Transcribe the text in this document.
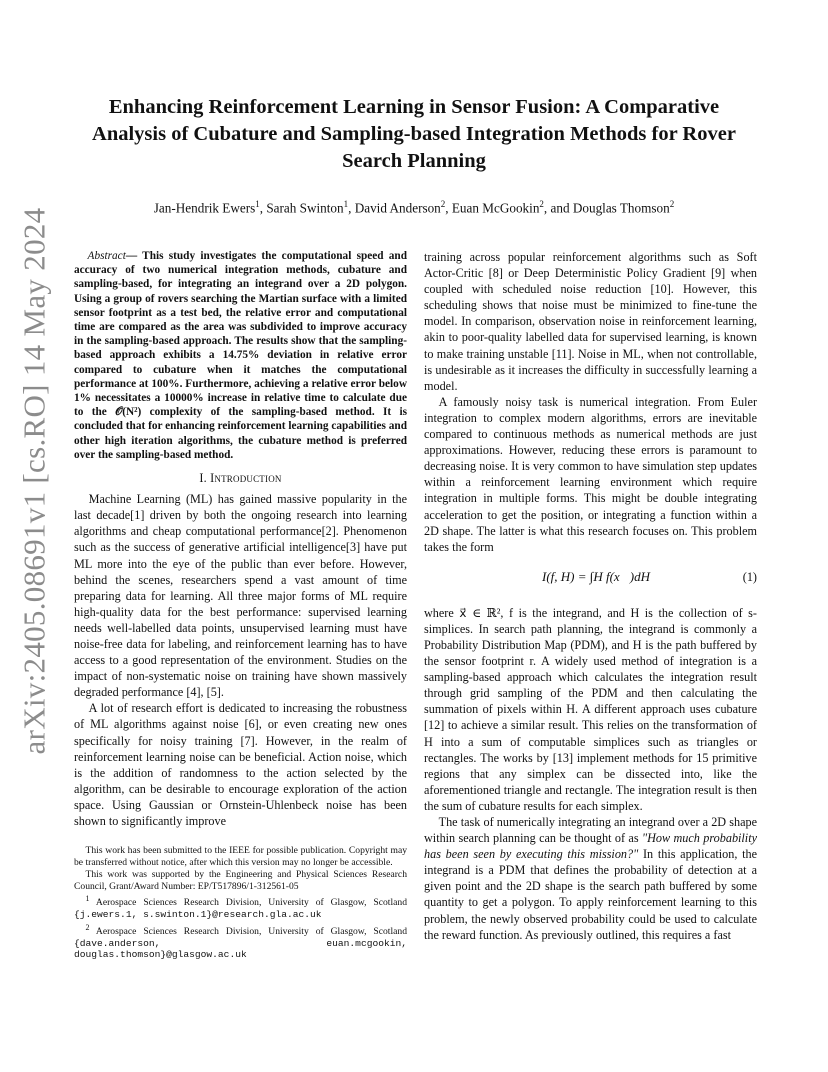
arXiv:2405.08691v1 [cs.RO] 14 May 2024
Enhancing Reinforcement Learning in Sensor Fusion: A Comparative Analysis of Cubature and Sampling-based Integration Methods for Rover Search Planning
Jan-Hendrik Ewers$^1$, Sarah Swinton$^1$, David Anderson$^2$, Euan McGookin$^2$, and Douglas Thomson$^2$

Abstract— This study investigates the computational speed and accuracy of two numerical integration methods, cubature and sampling-based, for integrating an integrand over a 2D polygon. Using a group of rovers searching the Martian surface with a limited sensor footprint as a test bed, the relative error and computational time are compared as the area was subdivided to improve accuracy in the sampling-based approach. The results show that the sampling-based approach exhibits a 14.75% deviation in relative error compared to cubature when it matches the computational performance at 100%. Furthermore, achieving a relative error below 1% necessitates a 10000% increase in relative time to calculate due to the 𝒪(N²) complexity of the sampling-based method. It is concluded that for enhancing reinforcement learning capabilities and other high iteration algorithms, the cubature method is preferred over the sampling-based method.

I. Introduction

Machine Learning (ML) has gained massive popularity in the last decade[1] driven by both the ongoing research into learning algorithms and cheap computational performance[2]. Phenomenon such as the success of generative artificial intelligence[3] have put ML more into the eye of the public than ever before. However, behind the scenes, researchers spend a vast amount of time preparing data for learning. All three major forms of ML require high-quality data for the best performance: supervised learning needs well-labelled data points, unsupervised learning must have noise-free data for labeling, and reinforcement learning has to have access to a good representation of the environment. Studies on the impact of non-systematic noise on training have shown massively degraded performance [4], [5].

A lot of research effort is dedicated to increasing the robustness of ML algorithms against noise [6], or even creating new ones specifically for noisy training [7]. However, in the realm of reinforcement learning noise can be beneficial. Action noise, which is the addition of randomness to the action selected by the algorithm, can be desirable to encourage exploration of the action space. Using Gaussian or Ornstein-Uhlenbeck noise has been shown to significantly improve

This work has been submitted to the IEEE for possible publication. Copyright may be transferred without notice, after which this version may no longer be accessible.

This work was supported by the Engineering and Physical Sciences Research Council, Grant/Award Number: EP/T517896/1-312561-05

$^1$ Aerospace Sciences Research Division, University of Glasgow, Scotland {j.ewers.1, s.swinton.1}@research.gla.ac.uk

$^2$ Aerospace Sciences Research Division, University of Glasgow, Scotland {dave.anderson, euan.mcgookin, douglas.thomson}@glasgow.ac.uk

training across popular reinforcement algorithms such as Soft Actor-Critic [8] or Deep Deterministic Policy Gradient [9] when coupled with scheduled noise reduction [10]. However, this scheduling shows that noise must be minimized to fine-tune the model. In comparison, observation noise in reinforcement learning, akin to poor-quality labelled data for supervised learning, is known to make training unstable [11]. Noise in ML, when not controllable, is undesirable as it increases the difficulty in successfully learning a model.

A famously noisy task is numerical integration. From Euler integration to complex modern algorithms, errors are inevitable compared to continuous methods as numerical methods are just approximations. However, reducing these errors is paramount to decreasing noise. It is very common to have simulation step updates within a reinforcement learning environment which require integration in multiple forms. This might be double integrating acceleration to get the position, or integrating a function within a 2D shape. The latter is what this research focuses on. This problem takes the form

I(f, H) = ∫H f(x⃗)dH	(1)

where x⃗ ∈ ℝ², f is the integrand, and H is the collection of s-simplices. In search path planning, the integrand is commonly a Probability Distribution Map (PDM), and H is the path buffered by the sensor footprint r. A widely used method of integration is a sampling-based approach which calculates the integration result through grid sampling of the PDM and then calculating the summation of pixels within H. A different approach uses cubature [12] to achieve a similar result. This relies on the transformation of H into a sum of computable simplices such as triangles or rectangles. The works by [13] implement methods for 15 primitive regions that any simplex can be dissected into, like the aforementioned triangle and rectangle. The integration result is then the sum of cubature results for each simplex.

The task of numerically integrating an integrand over a 2D shape within search planning can be thought of as "How much probability has been seen by executing this mission?" In this application, the integrand is a PDM that defines the probability of detection at a given point and the 2D shape is the search path buffered by some quantity to get a polygon. To apply reinforcement learning to this problem, the newly observed probability could be used to calculate the reward function. As previously outlined, this requires a fast
